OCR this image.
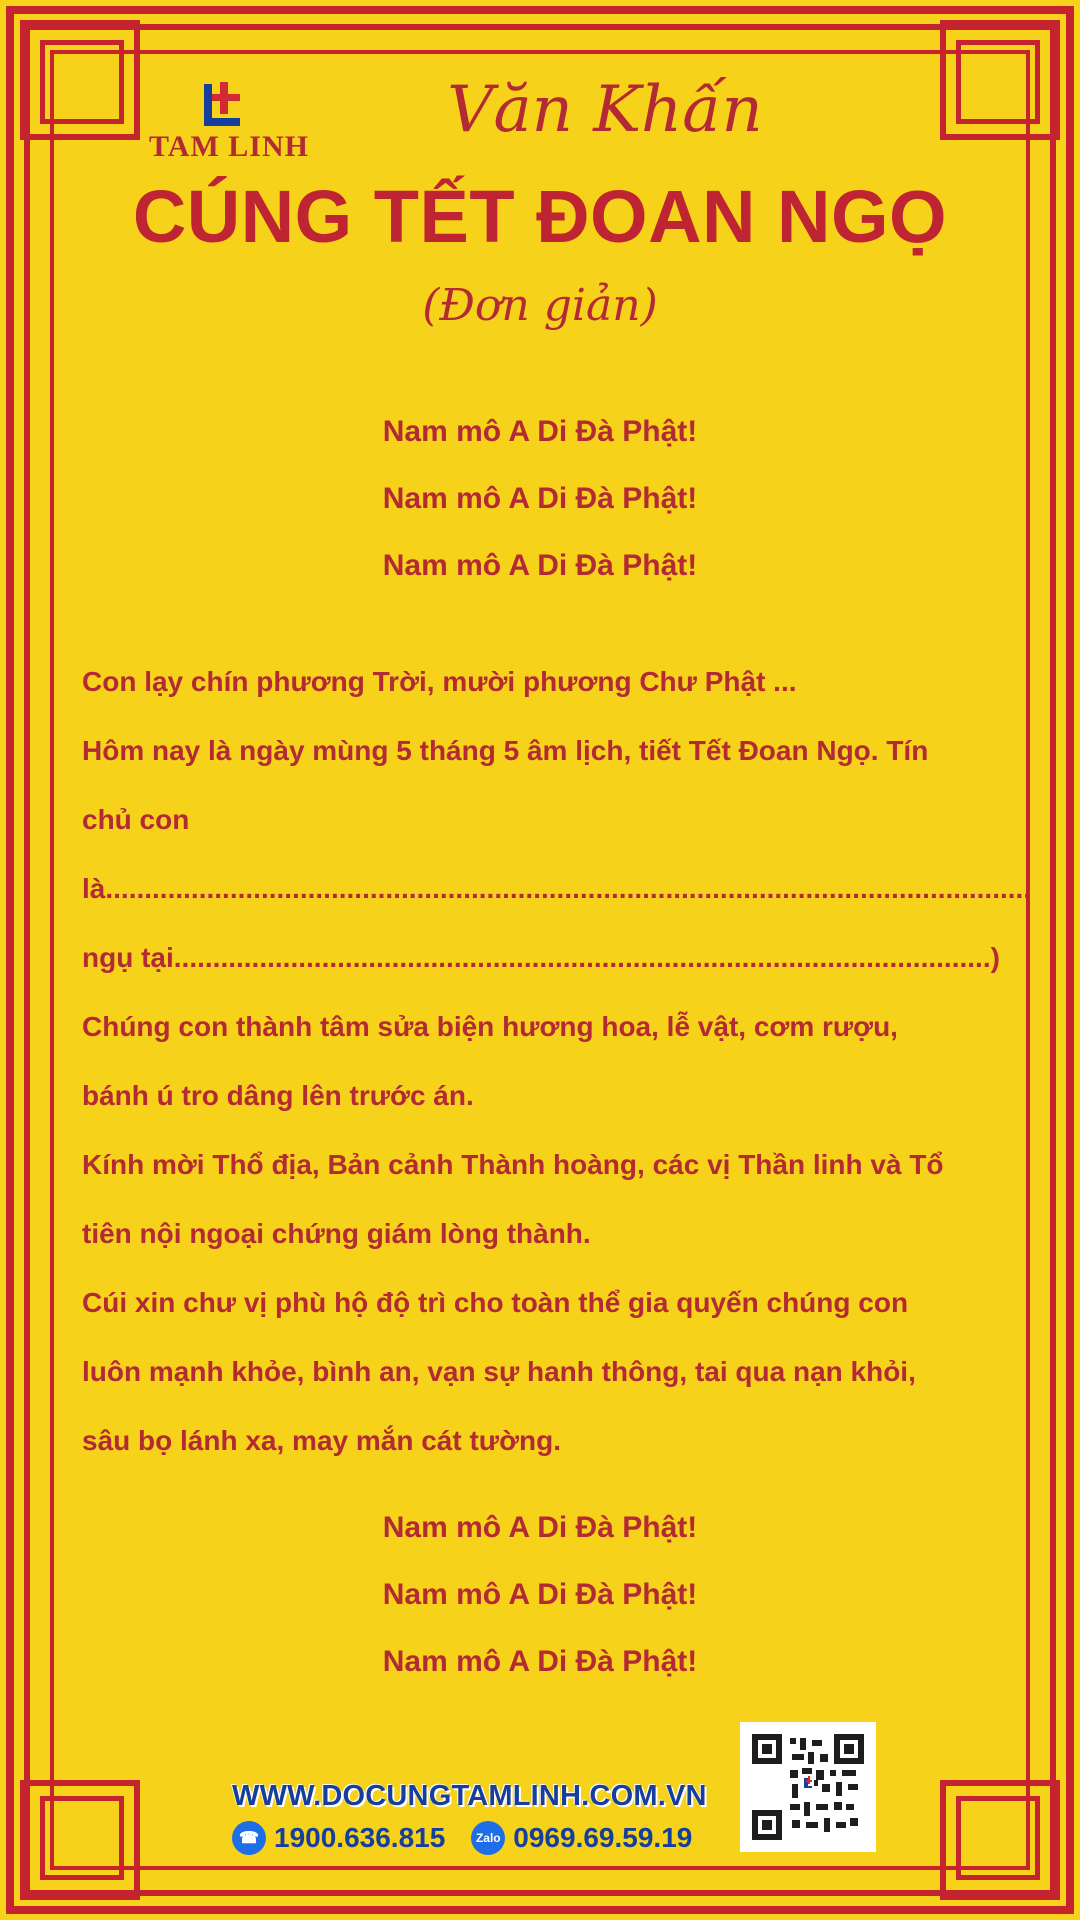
TAM LINH	Văn Khấn
CÚNG TẾT ĐOAN NGỌ
(Đơn giản)
Nam mô A Di Đà Phật!
Nam mô A Di Đà Phật!
Nam mô A Di Đà Phật!

Con lạy chín phương Trời, mười phương Chư Phật ...

Hôm nay là ngày mùng 5 tháng 5 âm lịch, tiết Tết Đoan Ngọ. Tín

chủ con

là.......................................................................................................................

ngụ tại.........................................................................................................)

Chúng con thành tâm sửa biện hương hoa, lễ vật, cơm rượu,

bánh ú tro dâng lên trước án.

Kính mời Thổ địa, Bản cảnh Thành hoàng, các vị Thần linh và Tổ

tiên nội ngoại chứng giám lòng thành.

Cúi xin chư vị phù hộ độ trì cho toàn thể gia quyến chúng con

luôn mạnh khỏe, bình an, vạn sự hanh thông, tai qua nạn khỏi,

sâu bọ lánh xa, may mắn cát tường.

Nam mô A Di Đà Phật!
Nam mô A Di Đà Phật!
Nam mô A Di Đà Phật!
WWW.DOCUNGTAMLINH.COM.VN
☎ 1900.636.815	Zalo 0969.69.59.19
